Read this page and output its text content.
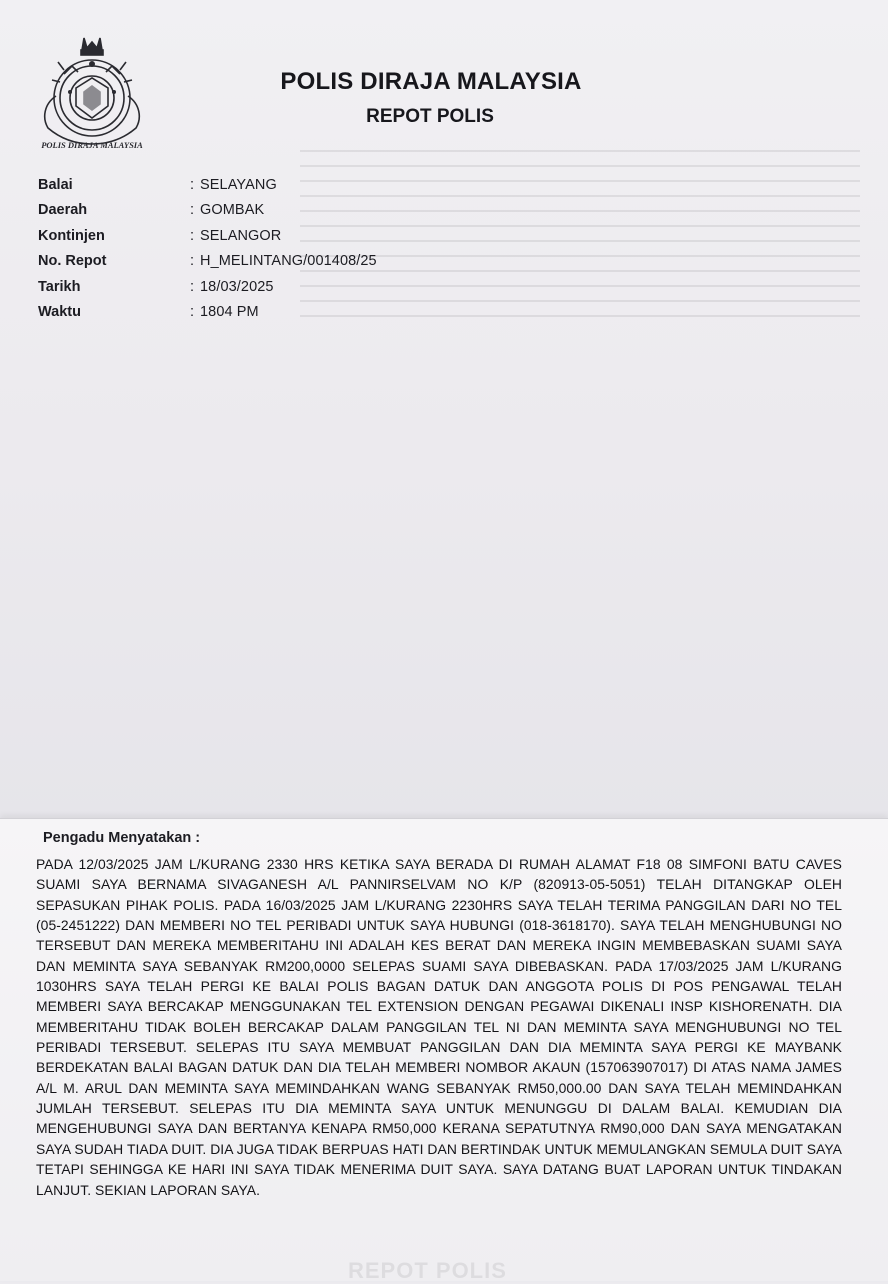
POLIS DIRAJA MALAYSIA
POLIS DIRAJA MALAYSIA
REPOT POLIS
Balai	: SELAYANG
Daerah	: GOMBAK
Kontinjen	: SELANGOR
No. Repot	: H_MELINTANG/001408/25
Tarikh	: 18/03/2025
Waktu	: 1804 PM
Pengadu Menyatakan :
PADA 12/03/2025 JAM L/KURANG 2330 HRS KETIKA SAYA BERADA DI RUMAH ALAMAT F18 08 SIMFONI BATU CAVES SUAMI SAYA BERNAMA SIVAGANESH A/L PANNIRSELVAM NO K/P (820913-05-5051) TELAH DITANGKAP OLEH SEPASUKAN PIHAK POLIS. PADA 16/03/2025 JAM L/KURANG 2230HRS SAYA TELAH TERIMA PANGGILAN DARI NO TEL (05-2451222) DAN MEMBERI NO TEL PERIBADI UNTUK SAYA HUBUNGI (018-3618170). SAYA TELAH MENGHUBUNGI NO TERSEBUT DAN MEREKA MEMBERITAHU INI ADALAH KES BERAT DAN MEREKA INGIN MEMBEBASKAN SUAMI SAYA DAN MEMINTA SAYA SEBANYAK RM200,0000 SELEPAS SUAMI SAYA DIBEBASKAN. PADA 17/03/2025 JAM L/KURANG 1030HRS SAYA TELAH PERGI KE BALAI POLIS BAGAN DATUK DAN ANGGOTA POLIS DI POS PENGAWAL TELAH MEMBERI SAYA BERCAKAP MENGGUNAKAN TEL EXTENSION DENGAN PEGAWAI DIKENALI INSP KISHORENATH. DIA MEMBERITAHU TIDAK BOLEH BERCAKAP DALAM PANGGILAN TEL NI DAN MEMINTA SAYA MENGHUBUNGI NO TEL PERIBADI TERSEBUT. SELEPAS ITU SAYA MEMBUAT PANGGILAN DAN DIA MEMINTA SAYA PERGI KE MAYBANK BERDEKATAN BALAI BAGAN DATUK DAN DIA TELAH MEMBERI NOMBOR AKAUN (157063907017) DI ATAS NAMA JAMES A/L M. ARUL DAN MEMINTA SAYA MEMINDAHKAN WANG SEBANYAK RM50,000.00 DAN SAYA TELAH MEMINDAHKAN JUMLAH TERSEBUT. SELEPAS ITU DIA MEMINTA SAYA UNTUK MENUNGGU DI DALAM BALAI. KEMUDIAN DIA MENGEHUBUNGI SAYA DAN BERTANYA KENAPA RM50,000 KERANA SEPATUTNYA RM90,000 DAN SAYA MENGATAKAN SAYA SUDAH TIADA DUIT. DIA JUGA TIDAK BERPUAS HATI DAN BERTINDAK UNTUK MEMULANGKAN SEMULA DUIT SAYA TETAPI SEHINGGA KE HARI INI SAYA TIDAK MENERIMA DUIT SAYA. SAYA DATANG BUAT LAPORAN UNTUK TINDAKAN LANJUT. SEKIAN LAPORAN SAYA.
REPOT POLIS
